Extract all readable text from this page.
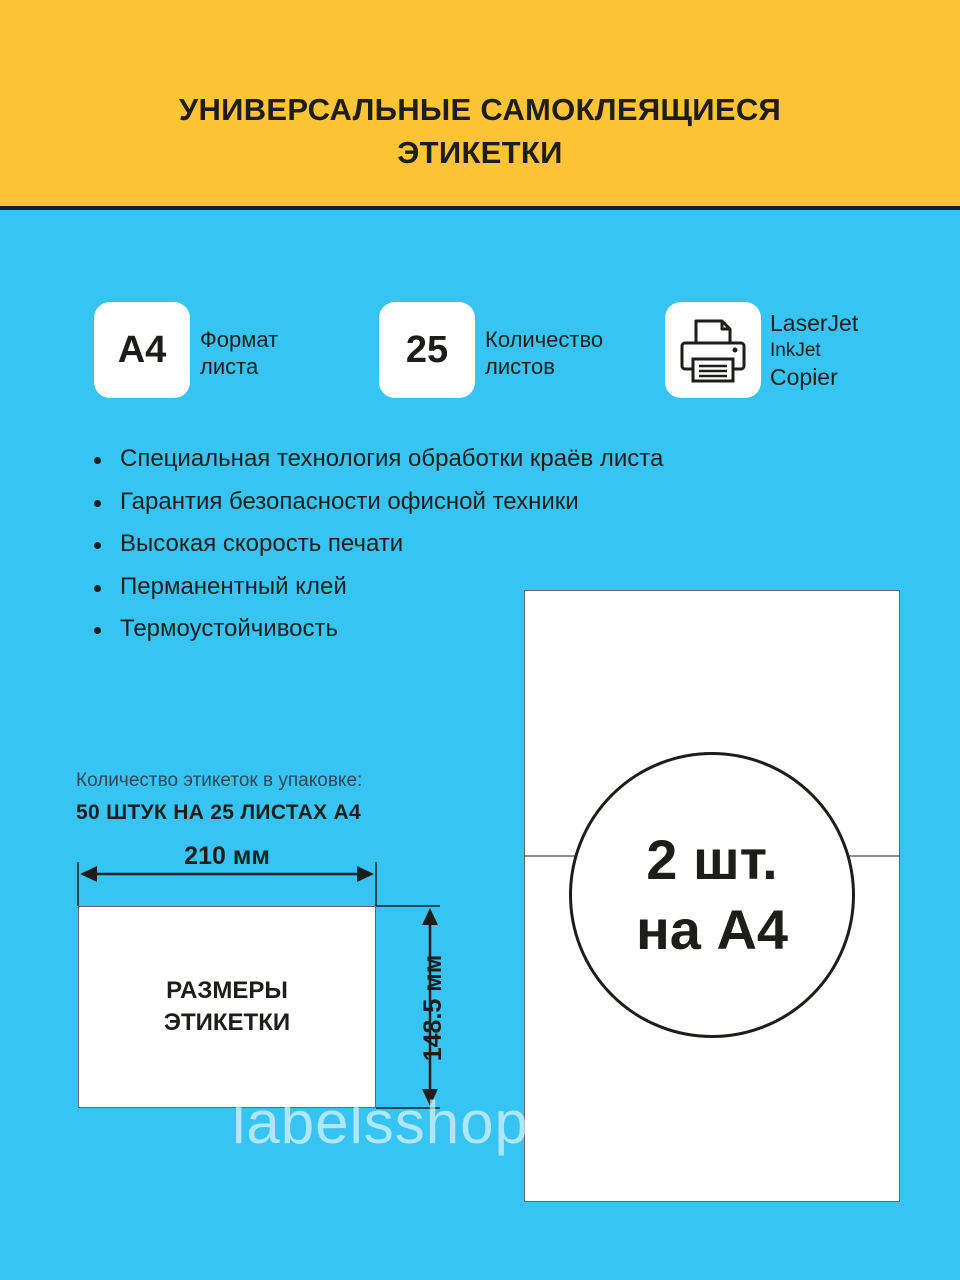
УНИВЕРСАЛЬНЫЕ САМОКЛЕЯЩИЕСЯ
ЭТИКЕТКИ
A4 Формат
листа	25 Количество
листов
LaserJet
InkJet
Copier
Специальная технология обработки краёв листа
Гарантия безопасности офисной техники
Высокая скорость печати
Перманентный клей
Термоустойчивость
Количество этикеток в упаковке:
50 ШТУК НА 25 ЛИСТАХ А4
210 мм
РАЗМЕРЫ
ЭТИКЕТКИ	148.5 мм
2 шт.
на А4
labelsshop.by
